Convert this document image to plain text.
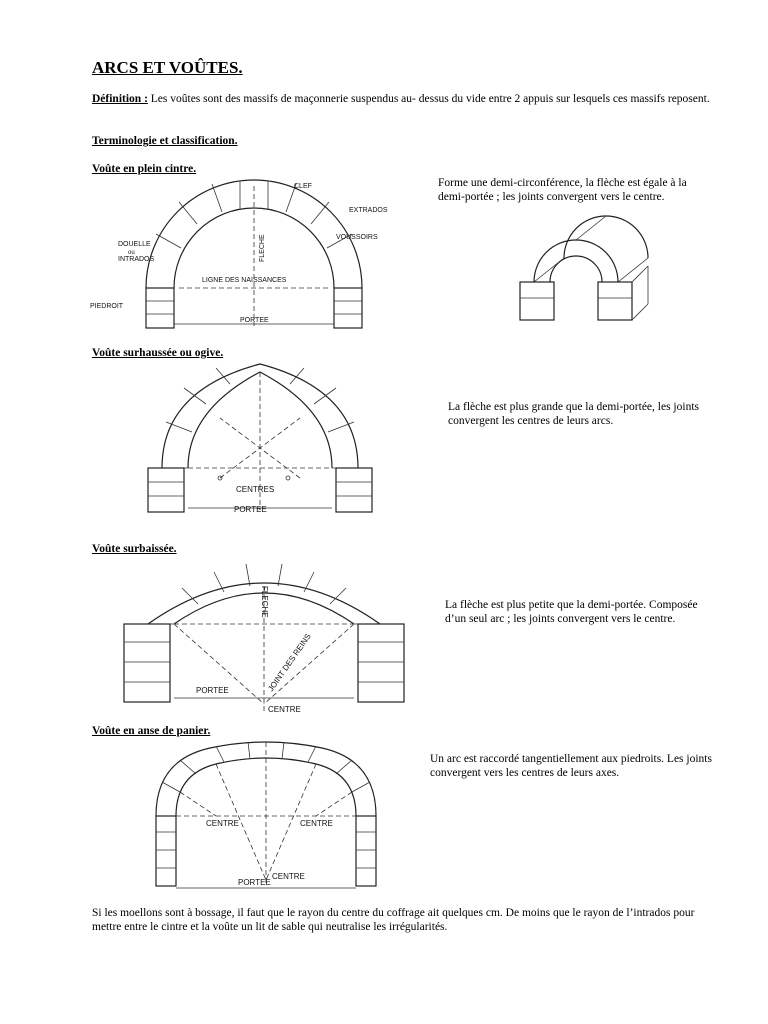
ARCS ET VOÛTES.
Définition : Les voûtes sont des massifs de maçonnerie suspendus au- dessus du vide entre 2 appuis sur lesquels ces massifs reposent.
Terminologie et classification.
Voûte en plein cintre.
Forme une demi-circonférence, la flèche est égale à la demi-portée ; les joints convergent vers le centre.
CLEF
EXTRADOS
VOUSSOIRS
DOUELLE
ou
INTRADOS	FLECHE
LIGNE DES NAISSANCES
PIEDROIT
PORTEE
Voûte surhaussée ou ogive.
La flèche est plus grande que la demi-portée, les joints convergent les centres de leurs arcs.
CENTRES
PORTEE
Voûte surbaissée.
La flèche est plus petite que la demi-portée. Composée d’un seul arc ; les joints convergent vers le centre.
FLECHE
JOINT DES REINS
PORTEE
CENTRE
Voûte en anse de panier.
Un arc est raccordé tangentiellement aux piedroits. Les joints convergent vers les centres de leurs axes.
CENTRE	CENTRE
PORTEE
CENTRE
Si les moellons sont à bossage, il faut que le rayon du centre du coffrage ait quelques cm. De moins que le rayon de l’intrados pour mettre entre le cintre et la voûte un lit de sable qui neutralise les irrégularités.
